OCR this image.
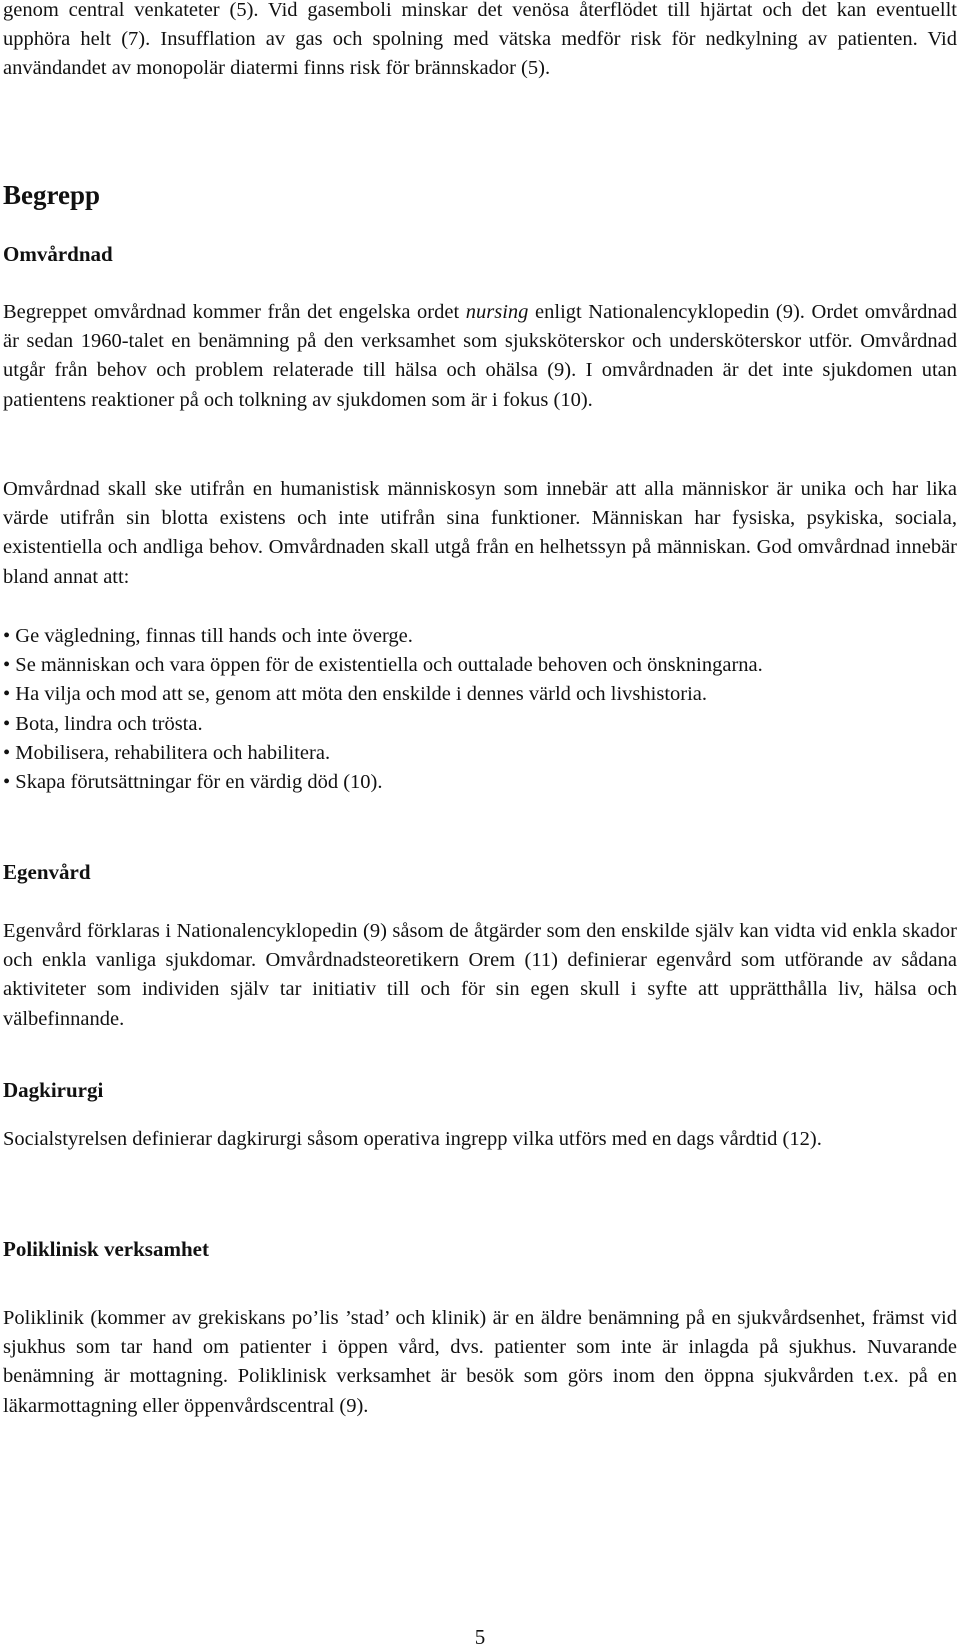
genom central venkateter (5). Vid gasemboli minskar det venösa återflödet till hjärtat och det kan eventuellt upphöra helt (7). Insufflation av gas och spolning med vätska medför risk för nedkylning av patienten. Vid användandet av monopolär diatermi finns risk för brännskador (5).

Begrepp
Omvårdnad

Begreppet omvårdnad kommer från det engelska ordet nursing enligt Nationalencyklopedin (9). Ordet omvårdnad är sedan 1960-talet en benämning på den verksamhet som sjuksköterskor och undersköterskor utför. Omvårdnad utgår från behov och problem relaterade till hälsa och ohälsa (9). I omvårdnaden är det inte sjukdomen utan patientens reaktioner på och tolkning av sjukdomen som är i fokus (10).

Omvårdnad skall ske utifrån en humanistisk människosyn som innebär att alla människor är unika och har lika värde utifrån sin blotta existens och inte utifrån sina funktioner. Människan har fysiska, psykiska, sociala, existentiella och andliga behov. Omvårdnaden skall utgå från en helhetssyn på människan. God omvårdnad innebär bland annat att:

• Ge vägledning, finnas till hands och inte överge.
• Se människan och vara öppen för de existentiella och outtalade behoven och önskningarna.
• Ha vilja och mod att se, genom att möta den enskilde i dennes värld och livshistoria.
• Bota, lindra och trösta.
• Mobilisera, rehabilitera och habilitera.
• Skapa förutsättningar för en värdig död (10).
Egenvård

Egenvård förklaras i Nationalencyklopedin (9) såsom de åtgärder som den enskilde själv kan vidta vid enkla skador och enkla vanliga sjukdomar. Omvårdnadsteoretikern Orem (11) definierar egenvård som utförande av sådana aktiviteter som individen själv tar initiativ till och för sin egen skull i syfte att upprätthålla liv, hälsa och välbefinnande.

Dagkirurgi

Socialstyrelsen definierar dagkirurgi såsom operativa ingrepp vilka utförs med en dags vårdtid (12).

Poliklinisk verksamhet

Poliklinik (kommer av grekiskans po’lis ’stad’ och klinik) är en äldre benämning på en sjukvårdsenhet, främst vid sjukhus som tar hand om patienter i öppen vård, dvs. patienter som inte är inlagda på sjukhus. Nuvarande benämning är mottagning. Poliklinisk verksamhet är besök som görs inom den öppna sjukvården t.ex. på en läkarmottagning eller öppenvårdscentral (9).

5
